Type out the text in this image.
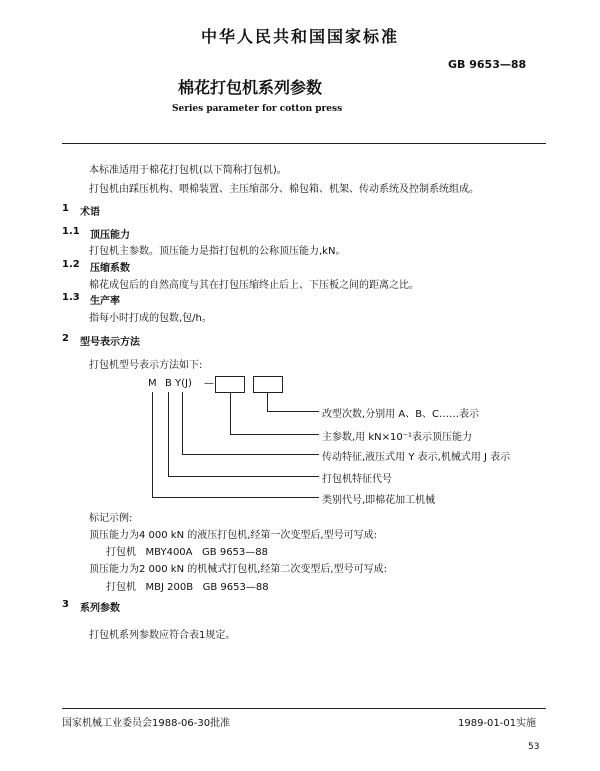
中华人民共和国国家标准
GB 9653—88
棉花打包机系列参数
Series parameter for cotton press
本标准适用于棉花打包机(以下简称打包机)。
打包机由踩压机构、喂棉装置、主压缩部分、棉包箱、机架、传动系统及控制系统组成。
1 术语
1.1 顶压能力
打包机主参数。顶压能力是指打包机的公称顶压能力,kN。
1.2 压缩系数
棉花成包后的自然高度与其在打包压缩终止后上、下压板之间的距离之比。
1.3 生产率
指每小时打成的包数,包/h。
2 型号表示方法
打包机型号表示方法如下:
M B Y(J) —
改型次数,分别用 A、B、C……表示
主参数,用 kN×10⁻¹表示顶压能力
传动特征,液压式用 Y 表示,机械式用 J 表示
打包机特征代号
类别代号,即棉花加工机械
标记示例:
顶压能力为4 000 kN 的液压打包机,经第一次变型后,型号可写成:
打包机   MBY400A   GB 9653—88
顶压能力为2 000 kN 的机械式打包机,经第二次变型后,型号可写成:
打包机   MBJ 200B   GB 9653—88
3 系列参数
打包机系列参数应符合表1规定。
国家机械工业委员会1988-06-30批准	1989-01-01实施
53
